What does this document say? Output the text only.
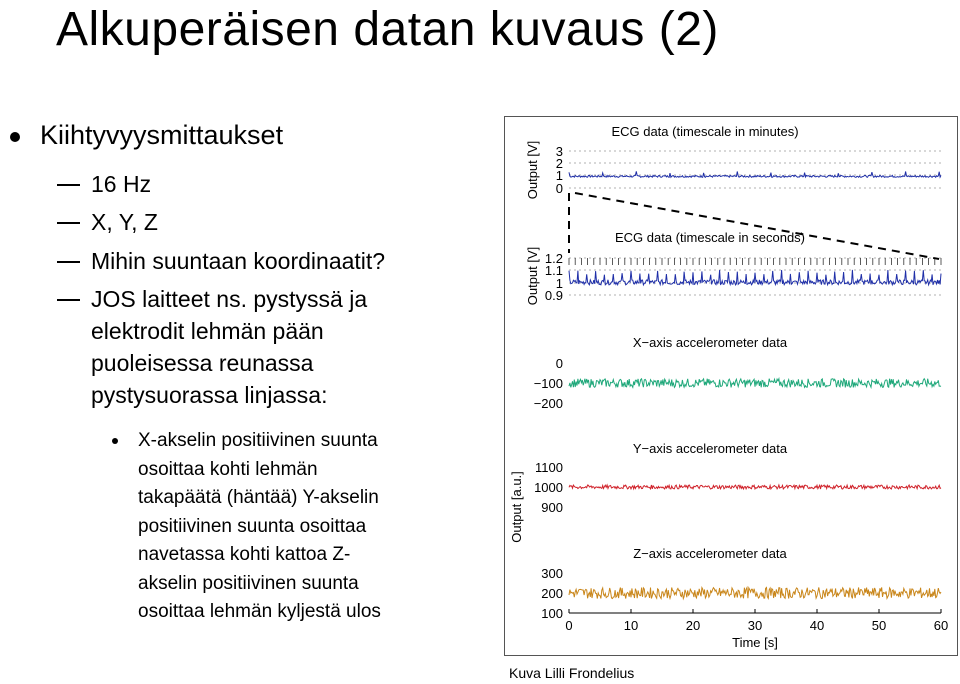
Alkuperäisen datan kuvaus (2)
Kiihtyvyysmittaukset
16 Hz
X, Y, Z
Mihin suuntaan koordinaatit?
JOS laitteet ns. pystyssä ja
elektrodit lehmän pään
puoleisessa reunassa
pystysuorassa linjassa:
X-akselin positiivinen suunta
osoittaa kohti lehmän
takapäätä (häntää) Y-akselin
positiivinen suunta osoittaa
navetassa kohti kattoa Z-
akselin positiivinen suunta
osoittaa lehmän kyljestä ulos
ECG data (timescale in minutes)
3
2
1
0
Output [V]
ECG data (timescale in seconds)
1.2
1.1
1
0.9
Output [V]
X−axis accelerometer data
0
−100
−200
Y−axis accelerometer data
1100
1000
900
Output [a.u.]
Z−axis accelerometer data
300
200
100
0	10	20	30	40	50	60
Time [s]
Kuva Lilli Frondelius
